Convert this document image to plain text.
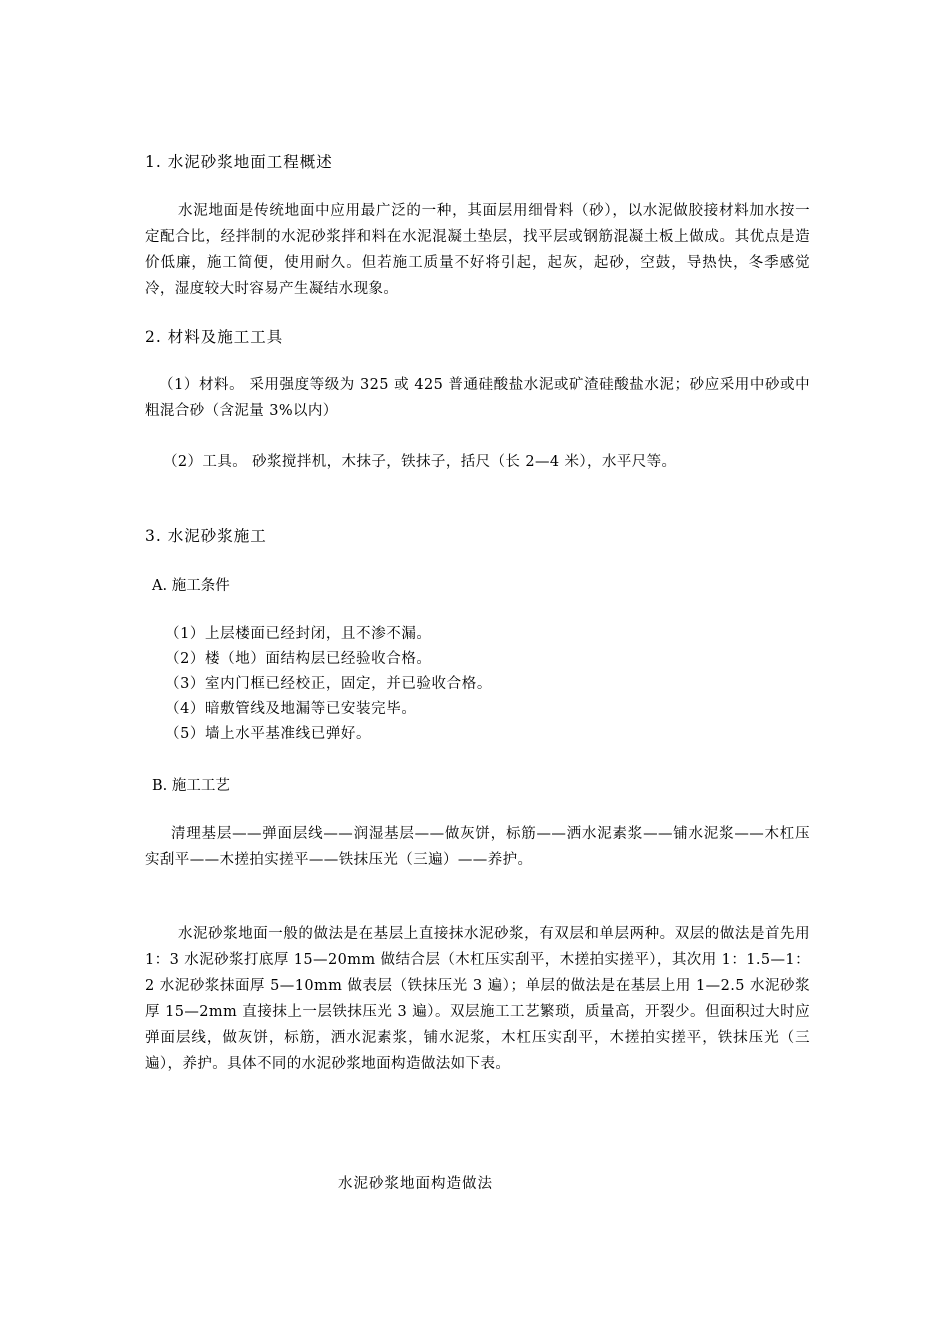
1. 水泥砂浆地面工程概述

水泥地面是传统地面中应用最广泛的一种，其面层用细骨料（砂），以水泥做胶接材料加水按一定配合比，经拌制的水泥砂浆拌和料在水泥混凝土垫层，找平层或钢筋混凝土板上做成。其优点是造价低廉，施工简便，使用耐久。但若施工质量不好将引起，起灰，起砂，空鼓，导热快，冬季感觉冷，湿度较大时容易产生凝结水现象。

2. 材料及施工工具

（1）材料。 采用强度等级为 325 或 425 普通硅酸盐水泥或矿渣硅酸盐水泥；砂应采用中砂或中粗混合砂（含泥量 3%以内）

（2）工具。 砂浆搅拌机，木抹子，铁抹子，括尺（长 2—4 米），水平尺等。

3. 水泥砂浆施工
A. 施工条件
（1）上层楼面已经封闭，且不渗不漏。
（2）楼（地）面结构层已经验收合格。
（3）室内门框已经校正，固定，并已验收合格。
（4）暗敷管线及地漏等已安装完毕。
（5）墙上水平基准线已弹好。
B. 施工工艺

清理基层——弹面层线——润湿基层——做灰饼，标筋——洒水泥素浆——铺水泥浆——木杠压实刮平——木搓拍实搓平——铁抹压光（三遍）——养护。

水泥砂浆地面一般的做法是在基层上直接抹水泥砂浆，有双层和单层两种。双层的做法是首先用 1：3 水泥砂浆打底厚 15—20mm 做结合层（木杠压实刮平，木搓拍实搓平），其次用 1：1.5—1：2 水泥砂浆抹面厚 5—10mm 做表层（铁抹压光 3 遍）；单层的做法是在基层上用 1—2.5 水泥砂浆厚 15—2mm 直接抹上一层铁抹压光 3 遍）。双层施工工艺繁琐，质量高，开裂少。但面积过大时应弹面层线，做灰饼，标筋，洒水泥素浆，铺水泥浆，木杠压实刮平，木搓拍实搓平，铁抹压光（三遍），养护。具体不同的水泥砂浆地面构造做法如下表。

水泥砂浆地面构造做法
